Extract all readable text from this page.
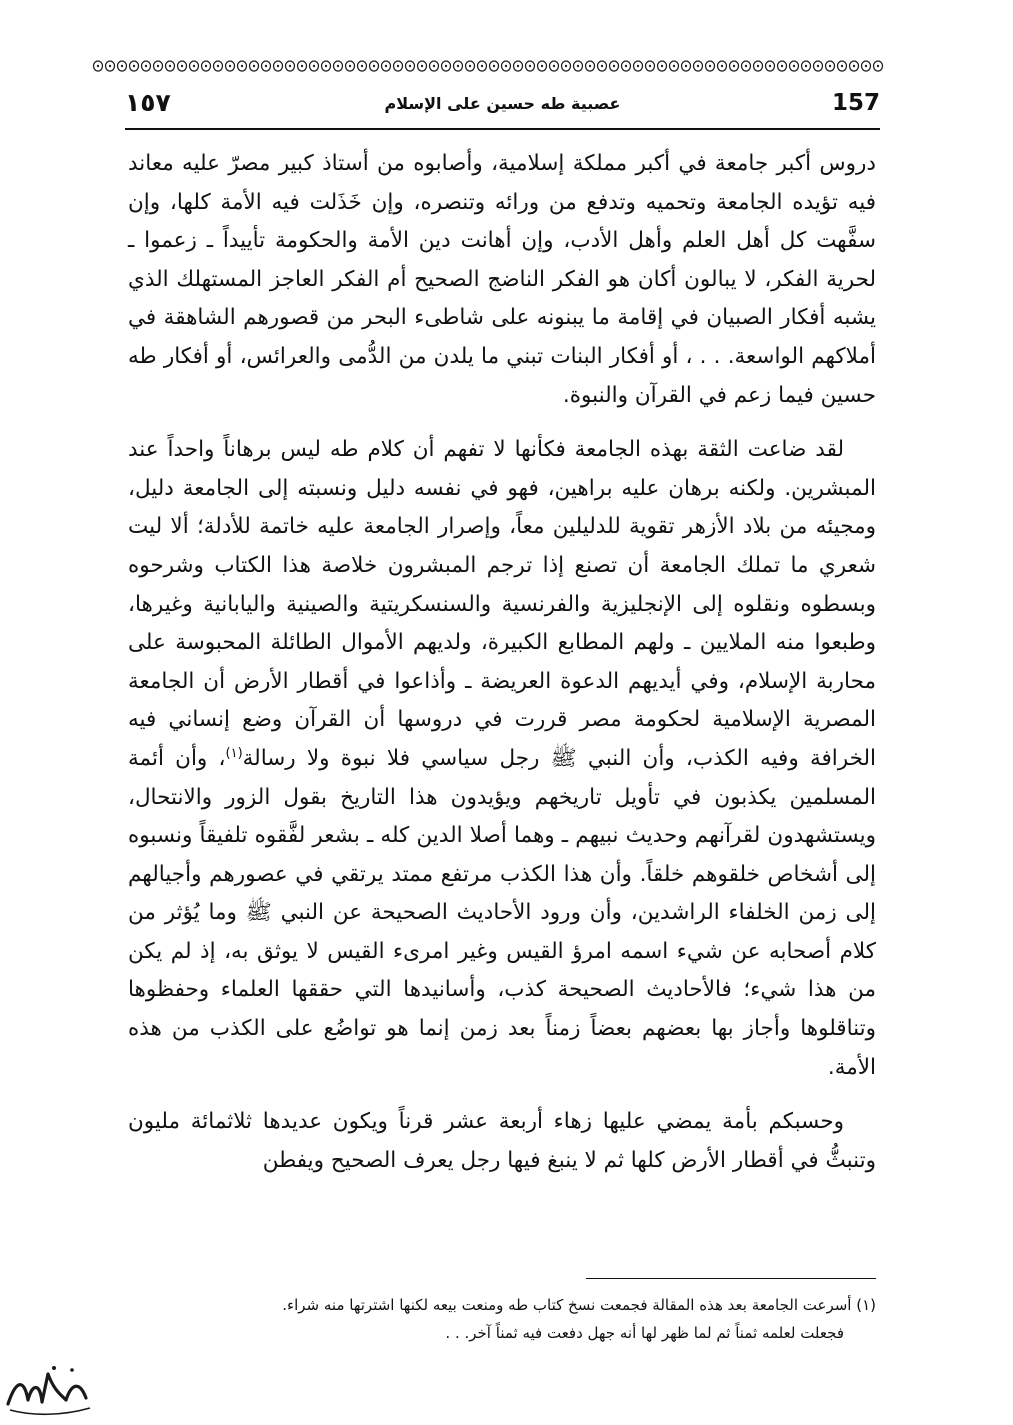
١٥٧	عصبية طه حسين على الإسلام	157

دروس أكبر جامعة في أكبر مملكة إسلامية، وأصابوه من أستاذ كبير مصرّ عليه معاند فيه تؤيده الجامعة وتحميه وتدفع من ورائه وتنصره، وإن خَذَلت فيه الأمة كلها، وإن سفَّهت كل أهل العلم وأهل الأدب، وإن أهانت دين الأمة والحكومة تأييداً ـ زعموا ـ لحرية الفكر، لا يبالون أكان هو الفكر الناضج الصحيح أم الفكر العاجز المستهلك الذي يشبه أفكار الصبيان في إقامة ما يبنونه على شاطىء البحر من قصورهم الشاهقة في أملاكهم الواسعة. . . ، أو أفكار البنات تبني ما يلدن من الدُّمى والعرائس، أو أفكار طه حسين فيما زعم في القرآن والنبوة.

لقد ضاعت الثقة بهذه الجامعة فكأنها لا تفهم أن كلام طه ليس برهاناً واحداً عند المبشرين. ولكنه برهان عليه براهين، فهو في نفسه دليل ونسبته إلى الجامعة دليل، ومجيئه من بلاد الأزهر تقوية للدليلين معاً، وإصرار الجامعة عليه خاتمة للأدلة؛ ألا ليت شعري ما تملك الجامعة أن تصنع إذا ترجم المبشرون خلاصة هذا الكتاب وشرحوه وبسطوه ونقلوه إلى الإنجليزية والفرنسية والسنسكريتية والصينية واليابانية وغيرها، وطبعوا منه الملايين ـ ولهم المطابع الكبيرة، ولديهم الأموال الطائلة المحبوسة على محاربة الإسلام، وفي أيديهم الدعوة العريضة ـ وأذاعوا في أقطار الأرض أن الجامعة المصرية الإسلامية لحكومة مصر قررت في دروسها أن القرآن وضع إنساني فيه الخرافة وفيه الكذب، وأن النبي ﷺ رجل سياسي فلا نبوة ولا رسالة$^{(١)}$، وأن أئمة المسلمين يكذبون في تأويل تاريخهم ويؤيدون هذا التاريخ بقول الزور والانتحال، ويستشهدون لقرآنهم وحديث نبيهم ـ وهما أصلا الدين كله ـ بشعر لفَّقوه تلفيقاً ونسبوه إلى أشخاص خلقوهم خلقاً. وأن هذا الكذب مرتفع ممتد يرتقي في عصورهم وأجيالهم إلى زمن الخلفاء الراشدين، وأن ورود الأحاديث الصحيحة عن النبي ﷺ وما يُؤثر من كلام أصحابه عن شيء اسمه امرؤ القيس وغير امرىء القيس لا يوثق به، إذ لم يكن من هذا شيء؛ فالأحاديث الصحيحة كذب، وأسانيدها التي حققها العلماء وحفظوها وتناقلوها وأجاز بها بعضهم بعضاً زمناً بعد زمن إنما هو تواضُع على الكذب من هذه الأمة.

وحسبكم بأمة يمضي عليها زهاء أربعة عشر قرناً ويكون عديدها ثلاثمائة مليون وتنبثُّ في أقطار الأرض كلها ثم لا ينبغ فيها رجل يعرف الصحيح ويفطن

(١) أسرعت الجامعة بعد هذه المقالة فجمعت نسخ كتاب طه ومنعت بيعه لكنها اشترتها منه شراء.

فجعلت لعلمه ثمناً ثم لما ظهر لها أنه جهل دفعت فيه ثمناً آخر. . .
